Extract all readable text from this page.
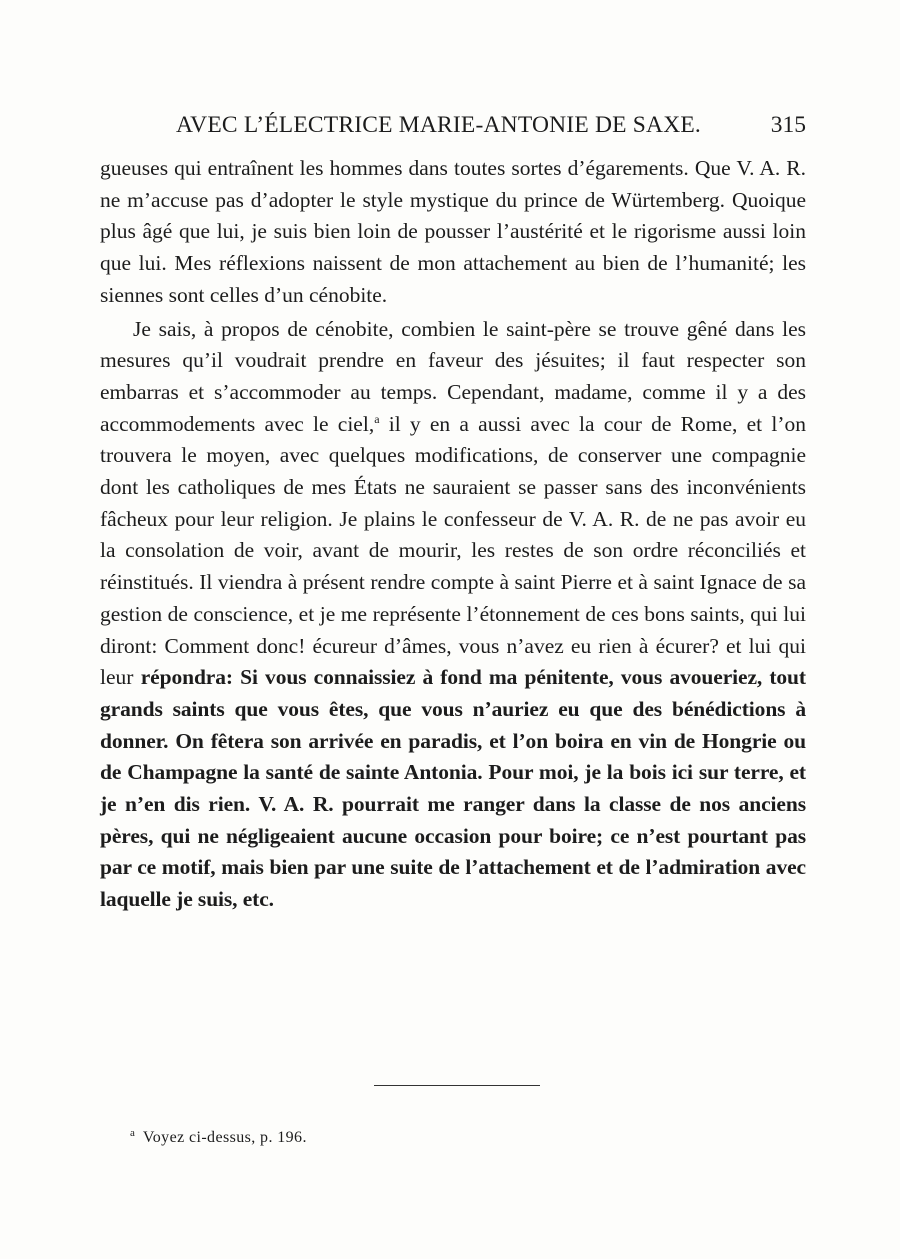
AVEC L’ÉLECTRICE MARIE-ANTONIE DE SAXE.	315

gueuses qui entraînent les hommes dans toutes sortes d’égarements. Que V. A. R. ne m’accuse pas d’adopter le style mystique du prince de Würtemberg. Quoique plus âgé que lui, je suis bien loin de pousser l’austérité et le rigorisme aussi loin que lui. Mes réflexions naissent de mon attachement au bien de l’humanité; les siennes sont celles d’un cénobite.

Je sais, à propos de cénobite, combien le saint-père se trouve gêné dans les mesures qu’il voudrait prendre en faveur des jésuites; il faut respecter son embarras et s’accommoder au temps. Cependant, madame, comme il y a des accommodements avec le ciel,$^a$ il y en a aussi avec la cour de Rome, et l’on trouvera le moyen, avec quelques modifications, de conserver une compagnie dont les catholiques de mes États ne sauraient se passer sans des inconvénients fâcheux pour leur religion. Je plains le confesseur de V. A. R. de ne pas avoir eu la consolation de voir, avant de mourir, les restes de son ordre réconciliés et réinstitués. Il viendra à présent rendre compte à saint Pierre et à saint Ignace de sa gestion de conscience, et je me représente l’étonnement de ces bons saints, qui lui diront: Comment donc! écureur d’âmes, vous n’avez eu rien à écurer? et lui qui leur répondra: Si vous connaissiez à fond ma pénitente, vous avoueriez, tout grands saints que vous êtes, que vous n’auriez eu que des bénédictions à donner. On fêtera son arrivée en paradis, et l’on boira en vin de Hongrie ou de Champagne la santé de sainte Antonia. Pour moi, je la bois ici sur terre, et je n’en dis rien. V. A. R. pourrait me ranger dans la classe de nos anciens pères, qui ne négligeaient aucune occasion pour boire; ce n’est pourtant pas par ce motif, mais bien par une suite de l’attachement et de l’admiration avec laquelle je suis, etc.

$^a$ Voyez ci-dessus, p. 196.
